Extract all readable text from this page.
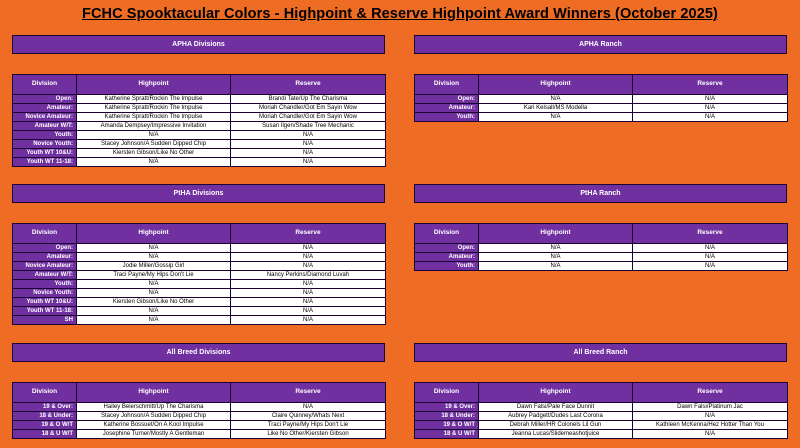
FCHC Spooktacular Colors - Highpoint & Reserve Highpoint Award Winners (October 2025)
APHA Divisions
Division	Highpoint	Reserve
Open:	Katherine Spratt/Rockin The Impulse	Brandi Tate/Up The Charisma
Amateur:	Katherine Spratt/Rockin The Impulse	Moriah Chandler/Got Em Sayin Wow
Novice Amateur:	Katherine Spratt/Rockin The Impulse	Moriah Chandler/Got Em Sayin Wow
Amateur W/T:	Amanda Dempsey/Impressive Invitation	Susan Ilgen/Shade Tree Mechanic
Youth:	N/A	N/A
Novice Youth:	Stacey Johnson/A Sudden Dipped Chip	N/A
Youth WT 10&U:	Kiersten Gibson/Like No Other	N/A
Youth WT 11-18:	N/A	N/A
APHA Ranch
Division	Highpoint	Reserve
Open:	N/A	N/A
Amateur:	Kari Kelsall/MS Modella	N/A
Youth:	N/A	N/A
PtHA Divisions
Division	Highpoint	Reserve
Open:	N/A	N/A
Amateur:	N/A	N/A
Novice Amateur:	Jodie Miller/Gossip Girl	N/A
Amateur W/T:	Traci Payne/My Hips Don't Lie	Nancy Perkins/Diamond Luvah
Youth:	N/A	N/A
Novice Youth:	N/A	N/A
Youth WT 10&U:	Kiersten Gibson/Like No Other	N/A
Youth WT 11-18:	N/A	N/A
SH	N/A	N/A
PtHA Ranch
Division	Highpoint	Reserve
Open:	N/A	N/A
Amateur:	N/A	N/A
Youth:	N/A	N/A
All Breed Divisions
Division	Highpoint	Reserve
19 & Over:	Hailey Beierschmitt/Up The Charisma	N/A
18 & Under:	Stacey Johnson/A Sudden Dipped Chip	Claire Quinney/Whats Next
19 & O W/T	Katherine Bossuet/On A Kool Impulse	Traci Payne/My Hips Don't Lie
18 & U W/T	Josephine Turner/Mostly A Gentleman	Like No Other/Kiersten Gibson
All Breed Ranch
Division	Highpoint	Reserve
19 & Over:	Dawn Falsi/Pale Face Dunnit	Dawn Falsi/Platinum Jac
18 & Under:	Aubrey Padgett/Dudes Last Corona	N/A
19 & O W/T	Debrah Miller/HR Colonels Lil Gun	Kathleen McKenna/Hez Hotter Than You
18 & U W/T	Jeanna Lucas/Slidemeashotjuice	N/A
